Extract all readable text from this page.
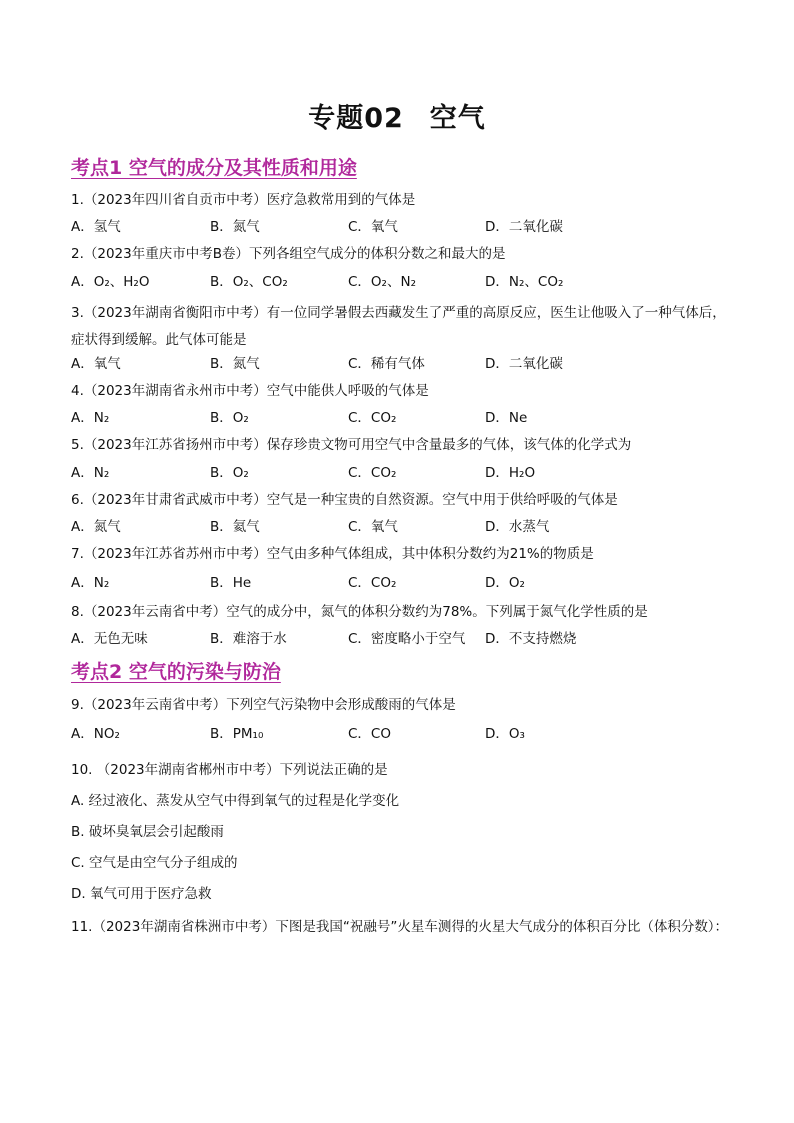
专题02 空气
考点1 空气的成分及其性质和用途
1.（2023年四川省自贡市中考）医疗急救常用到的气体是
A．氢气	B．氮气	C．氧气	D．二氧化碳
2.（2023年重庆市中考B卷）下列各组空气成分的体积分数之和最大的是
A．O₂、H₂O	B．O₂、CO₂	C．O₂、N₂	D．N₂、CO₂
3.（2023年湖南省衡阳市中考）有一位同学暑假去西藏发生了严重的高原反应，医生让他吸入了一种气体后，症状得到缓解。此气体可能是
A．氧气	B．氮气	C．稀有气体	D．二氧化碳
4.（2023年湖南省永州市中考）空气中能供人呼吸的气体是
A．N₂	B．O₂	C．CO₂	D．Ne
5.（2023年江苏省扬州市中考）保存珍贵文物可用空气中含量最多的气体，该气体的化学式为
A．N₂	B．O₂	C．CO₂	D．H₂O
6.（2023年甘肃省武威市中考）空气是一种宝贵的自然资源。空气中用于供给呼吸的气体是
A．氮气	B．氦气	C．氧气	D．水蒸气
7.（2023年江苏省苏州市中考）空气由多种气体组成，其中体积分数约为21%的物质是
A．N₂	B．He	C．CO₂	D．O₂
8.（2023年云南省中考）空气的成分中，氮气的体积分数约为78%。下列属于氮气化学性质的是
A．无色无味	B．难溶于水	C．密度略小于空气 D．不支持燃烧
考点2 空气的污染与防治
9.（2023年云南省中考）下列空气污染物中会形成酸雨的气体是
A．NO₂	B．PM₁₀	C．CO	D．O₃
10. （2023年湖南省郴州市中考）下列说法正确的是
A. 经过液化、蒸发从空气中得到氧气的过程是化学变化
B. 破坏臭氧层会引起酸雨
C. 空气是由空气分子组成的
D. 氧气可用于医疗急救
11.（2023年湖南省株洲市中考）下图是我国“祝融号”火星车测得的火星大气成分的体积百分比（体积分数）：
